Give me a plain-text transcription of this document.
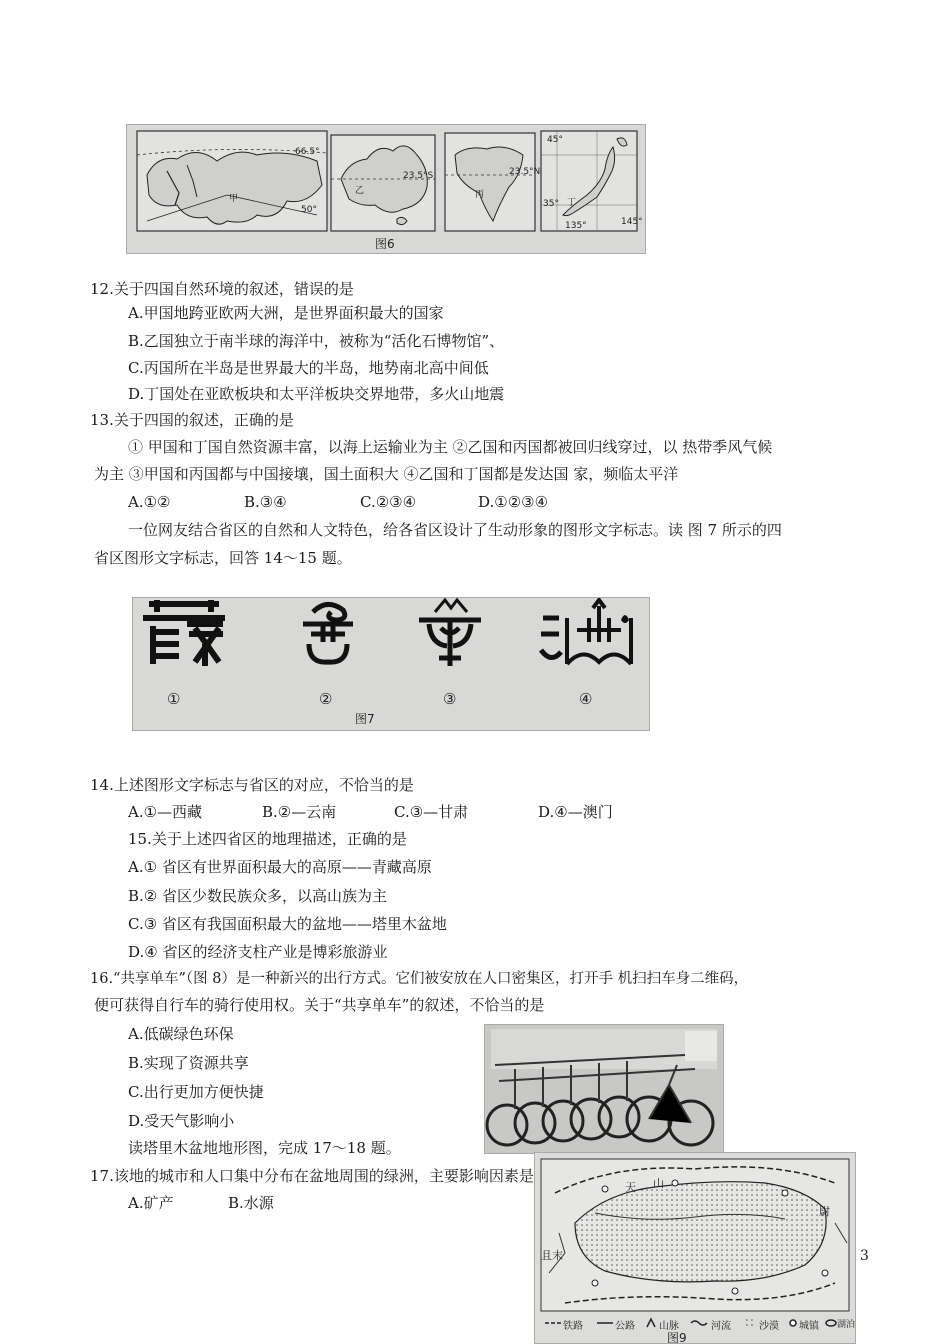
甲
乙	丙
丁
66.5°
50°
23.5°S	23.5°N
45°
35°
135°	145°
图6
12.关于四国自然环境的叙述，错误的是
A.甲国地跨亚欧两大洲，是世界面积最大的国家
B.乙国独立于南半球的海洋中，被称为“活化石博物馆”、
C.丙国所在半岛是世界最大的半岛，地势南北高中间低
D.丁国处在亚欧板块和太平洋板块交界地带，多火山地震
13.关于四国的叙述，正确的是
① 甲国和丁国自然资源丰富，以海上运输业为主 ②乙国和丙国都被回归线穿过，以 热带季风气候
为主 ③甲国和丙国都与中国接壤，国土面积大 ④乙国和丁国都是发达国 家，频临太平洋
A.①②	B.③④	C.②③④	D.①②③④
一位网友结合省区的自然和人文特色，给各省区设计了生动形象的图形文字标志。读 图 7 所示的四
省区图形文字标志，回答 14～15 题。
①	②	③	④
图7
14.上述图形文字标志与省区的对应，不恰当的是
A.①—西藏	B.②—云南	C.③—甘肃	D.④—澳门
15.关于上述四省区的地理描述，正确的是
A.① 省区有世界面积最大的高原——青藏高原
B.② 省区少数民族众多，以高山族为主
C.③ 省区有我国面积最大的盆地——塔里木盆地
D.④ 省区的经济支柱产业是博彩旅游业
16.“共享单车”（图 8）是一种新兴的出行方式。它们被安放在人口密集区，打开手 机扫扫车身二维码，
便可获得自行车的骑行使用权。关于“共享单车”的叙述，不恰当的是
A.低碳绿色环保
B.实现了资源共享
C.出行更加方便快捷
D.受天气影响小
读塔里木盆地地形图，完成 17～18 题。
17.该地的城市和人口集中分布在盆地周围的绿洲，主要影响因素是
A.矿产	B.水源
天 山
尉
且末
铁路	公路 山脉	河流	沙漠 城镇 湖泊
图9
3
